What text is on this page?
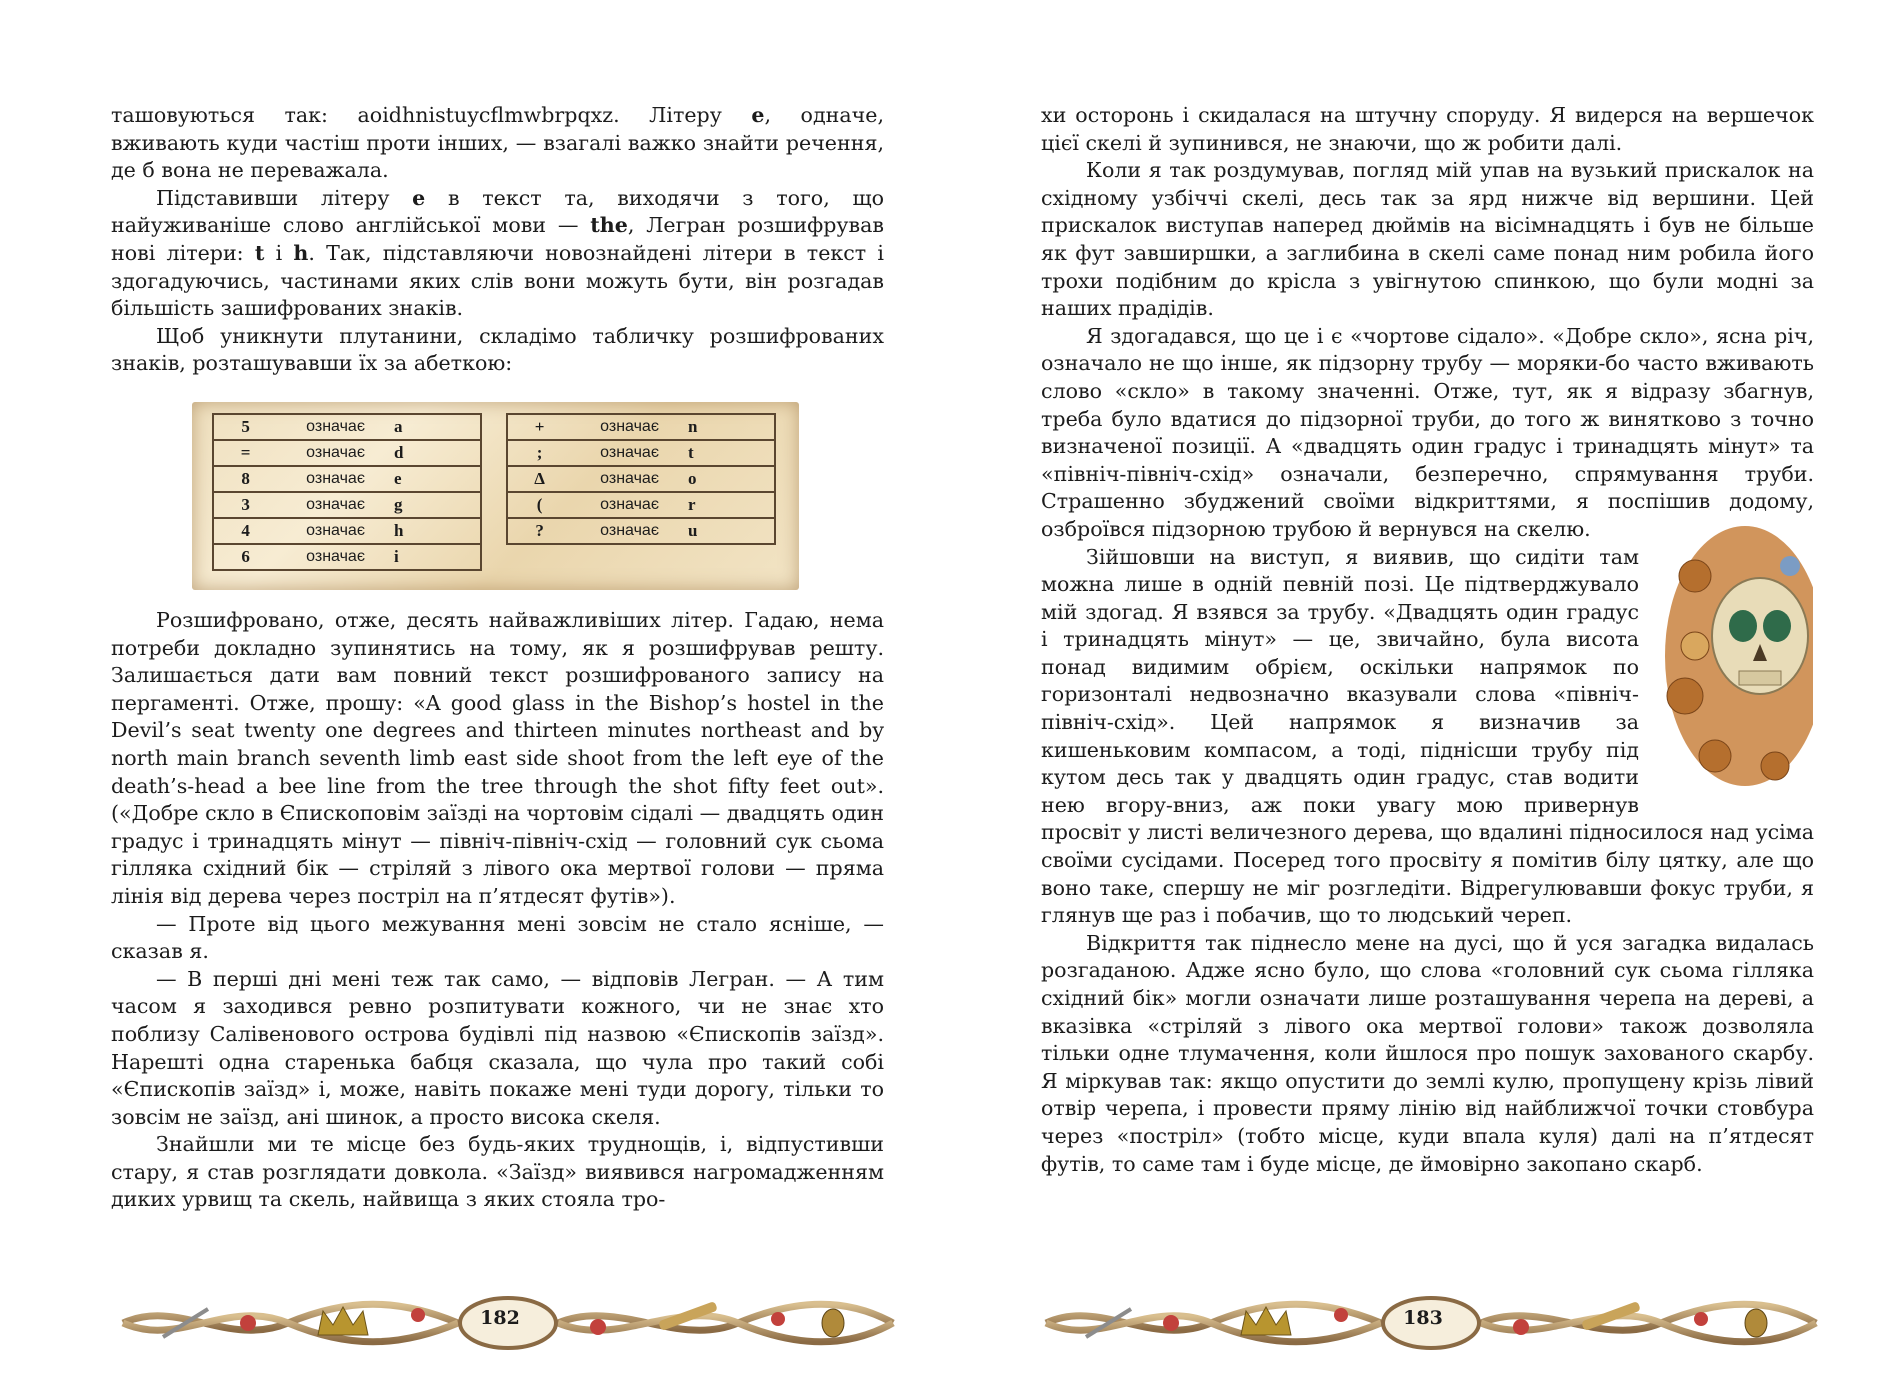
ташовуються так: aoidhnistuycflmwbrpqxz. Літеру e, одначе, вживають куди частіш проти інших, — взагалі важко знайти речення, де б вона не переважала.

Підставивши літеру e в текст та, виходячи з того, що найуживаніше слово англійської мови — the, Легран розшифрував нові літери: t і h. Так, підставляючи новознайдені літери в текст і здогадуючись, частинами яких слів вони можуть бути, він розгадав більшість зашифрованих знаків.

Щоб уникнути плутанини, складімо табличку розшифрованих знаків, розташувавши їх за абеткою:

5	означає	a
=	означає	d
8	означає	e
3	означає	g
4	означає	h
6	означає	i
+	означає	n
;	означає	t
Δ	означає	o
(	означає	r
?	означає	u

Розшифровано, отже, десять найважливіших літер. Гадаю, нема потреби докладно зупинятись на тому, як я розшифрував решту. Залишається дати вам повний текст розшифрованого запису на пергаменті. Отже, прошу: «A good glass in the Bishop’s hostel in the Devil’s seat twenty one degrees and thirteen minutes northeast and by north main branch seventh limb east side shoot from the left eye of the death’s-head a bee line from the tree through the shot fifty feet out». («Добре скло в Єпископовім заїзді на чортовім сідалі — двадцять один градус і тринадцять мінут — північ-північ-схід — головний сук сьома гілляка східний бік — стріляй з лівого ока мертвої голови — пряма лінія від дерева через постріл на п’ятдесят футів»).

— Проте від цього межування мені зовсім не стало ясніше, — сказав я.

— В перші дні мені теж так само, — відповів Легран. — А тим часом я заходився ревно розпитувати кожного, чи не знає хто поблизу Салівенового острова будівлі під назвою «Єпископів заїзд». Нарешті одна старенька бабця сказала, що чула про такий собі «Єпископів заїзд» і, може, навіть покаже мені туди дорогу, тільки то зовсім не заїзд, ані шинок, а просто висока скеля.

Знайшли ми те місце без будь-яких труднощів, і, відпустивши стару, я став розглядати довкола. «Заїзд» виявився нагромадженням диких урвищ та скель, найвища з яких стояла тро-

182

хи осторонь і скидалася на штучну споруду. Я видерся на вершечок цієї скелі й зупинився, не знаючи, що ж робити далі.

Коли я так роздумував, погляд мій упав на вузький прискалок на східному узбіччі скелі, десь так за ярд нижче від вершини. Цей прискалок виступав наперед дюймів на вісімнадцять і був не більше як фут завширшки, а заглибина в скелі саме понад ним робила його трохи подібним до крісла з увігнутою спинкою, що були модні за наших прадідів.

Я здогадався, що це і є «чортове сідало». «Добре скло», ясна річ, означало не що інше, як підзорну трубу — моряки-бо часто вживають слово «скло» в такому значенні. Отже, тут, як я відразу збагнув, треба було вдатися до підзорної труби, до того ж винятково з точно визначеної позиції. А «двадцять один градус і тринадцять мінут» та «північ-північ-схід» означали, безперечно, спрямування труби. Страшенно збуджений своїми відкриттями, я поспішив додому, озброївся підзорною трубою й вернувся на скелю.

Зійшовши на виступ, я виявив, що сидіти там можна лише в одній певній позі. Це підтверджувало мій здогад. Я взявся за трубу. «Двадцять один градус і тринадцять мінут» — це, звичайно, була висота понад видимим обрієм, оскільки напрямок по горизонталі недвозначно вказували слова «північ-північ-схід». Цей напрямок я визначив за кишеньковим компасом, а тоді, піднісши трубу під кутом десь так у двадцять один градус, став водити нею вгору-вниз, аж поки увагу мою привернув просвіт у листі величезного дерева, що вдалині підносилося над усіма своїми сусідами. Посеред того просвіту я помітив білу цятку, але що воно таке, спершу не міг розгледіти. Відрегулювавши фокус труби, я глянув ще раз і побачив, що то людський череп.

Відкриття так піднесло мене на дусі, що й уся загадка видалась розгаданою. Адже ясно було, що слова «головний сук сьома гілляка східний бік» могли означати лише розташування черепа на дереві, а вказівка «стріляй з лівого ока мертвої голови» також дозволяла тільки одне тлумачення, коли йшлося про пошук захованого скарбу. Я міркував так: якщо опустити до землі кулю, пропущену крізь лівий отвір черепа, і провести пряму лінію від найближчої точки стовбура через «постріл» (тобто місце, куди впала куля) далі на п’ятдесят футів, то саме там і буде місце, де ймовірно закопано скарб.

183
